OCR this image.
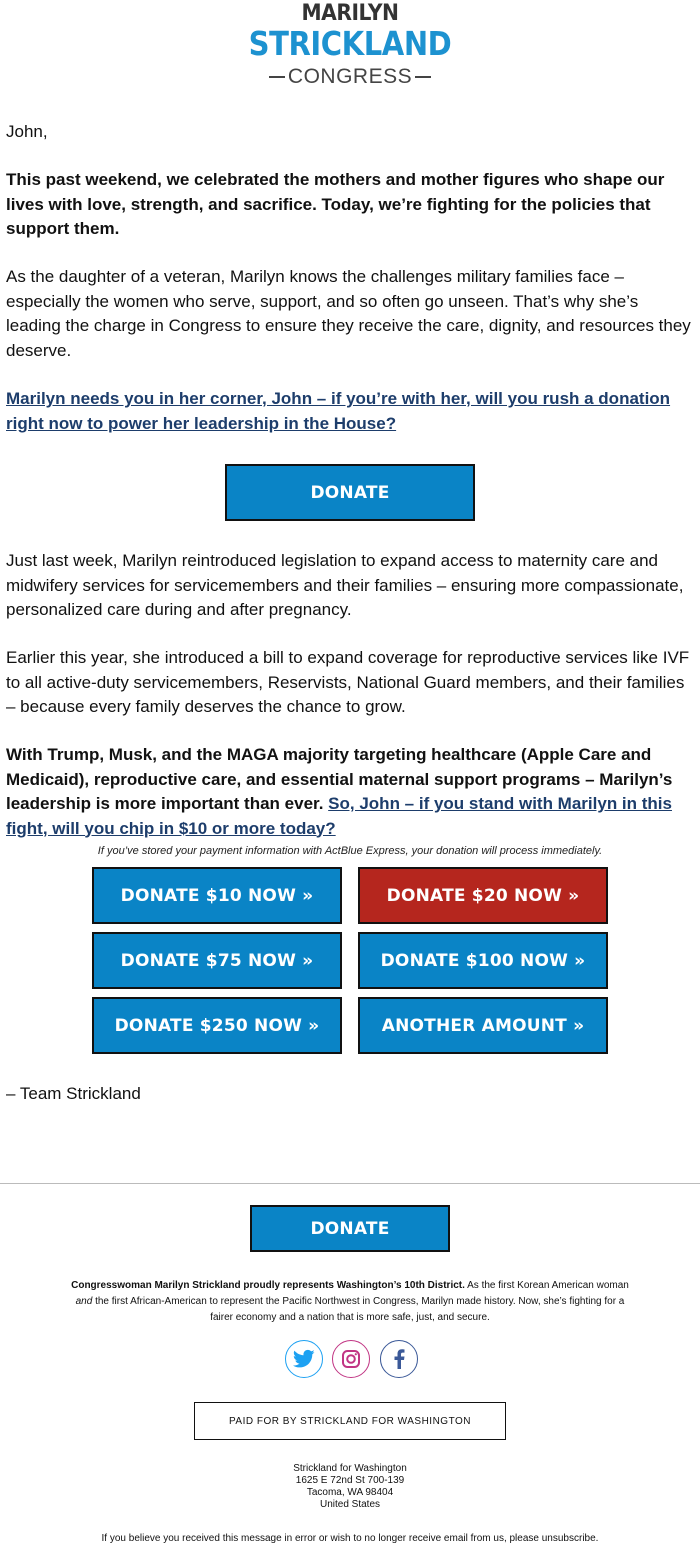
MARILYN
STRICKLAND
CONGRESS

John,

This past weekend, we celebrated the mothers and mother figures who shape our lives with love, strength, and sacrifice. Today, we’re fighting for the policies that support them.

As the daughter of a veteran, Marilyn knows the challenges military families face – especially the women who serve, support, and so often go unseen. That’s why she’s leading the charge in Congress to ensure they receive the care, dignity, and resources they deserve.

Marilyn needs you in her corner, John – if you’re with her, will you rush a donation right now to power her leadership in the House?

DONATE

Just last week, Marilyn reintroduced legislation to expand access to maternity care and midwifery services for servicemembers and their families – ensuring more compassionate, personalized care during and after pregnancy.

Earlier this year, she introduced a bill to expand coverage for reproductive services like IVF to all active-duty servicemembers, Reservists, National Guard members, and their families – because every family deserves the chance to grow.

With Trump, Musk, and the MAGA majority targeting healthcare (Apple Care and Medicaid), reproductive care, and essential maternal support programs – Marilyn’s leadership is more important than ever. So, John – if you stand with Marilyn in this fight, will you chip in $10 or more today?

If you’ve stored your payment information with ActBlue Express, your donation will process immediately.
DONATE $10 NOW »	DONATE $20 NOW »
DONATE $75 NOW »	DONATE $100 NOW »
DONATE $250 NOW »	ANOTHER AMOUNT »

– Team Strickland

DONATE
Congresswoman Marilyn Strickland proudly represents Washington’s 10th District. As the first Korean American woman and the first African-American to represent the Pacific Northwest in Congress, Marilyn made history. Now, she’s fighting for a fairer economy and a nation that is more safe, just, and secure.
PAID FOR BY STRICKLAND FOR WASHINGTON
Strickland for Washington
1625 E 72nd St 700-139
Tacoma, WA 98404
United States
If you believe you received this message in error or wish to no longer receive email from us, please unsubscribe.
